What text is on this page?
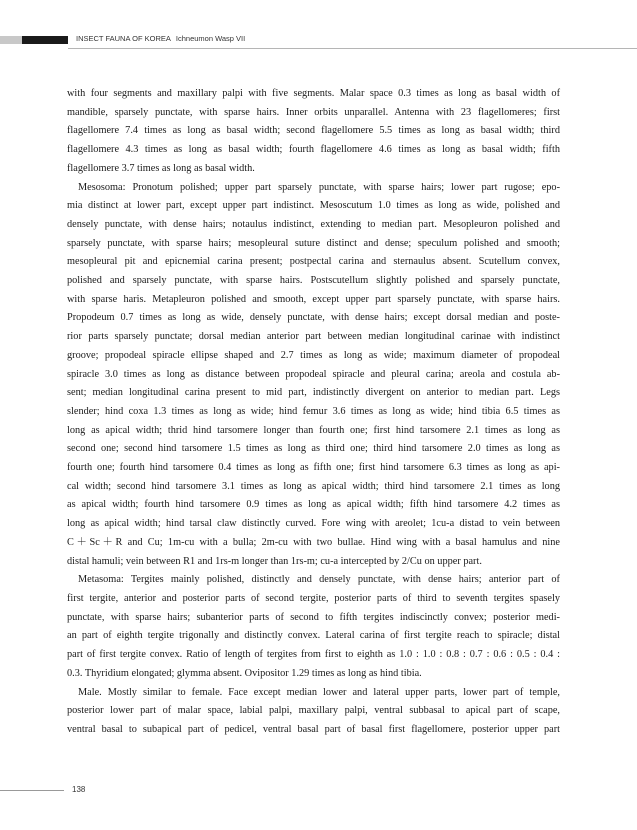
INSECT FAUNA OF KOREA Ichneumon Wasp VII

with four segments and maxillary palpi with five segments. Malar space 0.3 times as long as basal width of

mandible, sparsely punctate, with sparse hairs. Inner orbits unparallel. Antenna with 23 flagellomeres; first

flagellomere 7.4 times as long as basal width; second flagellomere 5.5 times as long as basal width; third

flagellomere 4.3 times as long as basal width; fourth flagellomere 4.6 times as long as basal width; fifth

flagellomere 3.7 times as long as basal width.

Mesosoma: Pronotum polished; upper part sparsely punctate, with sparse hairs; lower part rugose; epo-

mia distinct at lower part, except upper part indistinct. Mesoscutum 1.0 times as long as wide, polished and

densely punctate, with dense hairs; notaulus indistinct, extending to median part. Mesopleuron polished and

sparsely punctate, with sparse hairs; mesopleural suture distinct and dense; speculum polished and smooth;

mesopleural pit and epicnemial carina present; postpectal carina and sternaulus absent. Scutellum convex,

polished and sparsely punctate, with sparse hairs. Postscutellum slightly polished and sparsely punctate,

with sparse haris. Metapleuron polished and smooth, except upper part sparsely punctate, with sparse hairs.

Propodeum 0.7 times as long as wide, densely punctate, with dense hairs; except dorsal median and poste-

rior parts sparsely punctate; dorsal median anterior part between median longitudinal carinae with indistinct

groove; propodeal spiracle ellipse shaped and 2.7 times as long as wide; maximum diameter of propodeal

spiracle 3.0 times as long as distance between propodeal spiracle and pleural carina; areola and costula ab-

sent; median longitudinal carina present to mid part, indistinctly divergent on anterior to median part. Legs

slender; hind coxa 1.3 times as long as wide; hind femur 3.6 times as long as wide; hind tibia 6.5 times as

long as apical width; thrid hind tarsomere longer than fourth one; first hind tarsomere 2.1 times as long as

second one; second hind tarsomere 1.5 times as long as third one; third hind tarsomere 2.0 times as long as

fourth one; fourth hind tarsomere 0.4 times as long as fifth one; first hind tarsomere 6.3 times as long as api-

cal width; second hind tarsomere 3.1 times as long as apical width; third hind tarsomere 2.1 times as long

as apical width; fourth hind tarsomere 0.9 times as long as apical width; fifth hind tarsomere 4.2 times as

long as apical width; hind tarsal claw distinctly curved. Fore wing with areolet; 1cu-a distad to vein between

C＋Sc＋R and Cu; 1m-cu with a bulla; 2m-cu with two bullae. Hind wing with a basal hamulus and nine

distal hamuli; vein between R1 and 1rs-m longer than 1rs-m; cu-a intercepted by 2/Cu on upper part.

Metasoma: Tergites mainly polished, distinctly and densely punctate, with dense hairs; anterior part of

first tergite, anterior and posterior parts of second tergite, posterior parts of third to seventh tergites spasely

punctate, with sparse hairs; subanterior parts of second to fifth tergites indiscinctly convex; posterior medi-

an part of eighth tergite trigonally and distinctly convex. Lateral carina of first tergite reach to spiracle; distal

part of first tergite convex. Ratio of length of tergites from first to eighth as 1.0 : 1.0 : 0.8 : 0.7 : 0.6 : 0.5 : 0.4 :

0.3. Thyridium elongated; glymma absent. Ovipositor 1.29 times as long as hind tibia.

Male. Mostly similar to female. Face except median lower and lateral upper parts, lower part of temple,

posterior lower part of malar space, labial palpi, maxillary palpi, ventral subbasal to apical part of scape,

ventral basal to subapical part of pedicel, ventral basal part of basal first flagellomere, posterior upper part

138
